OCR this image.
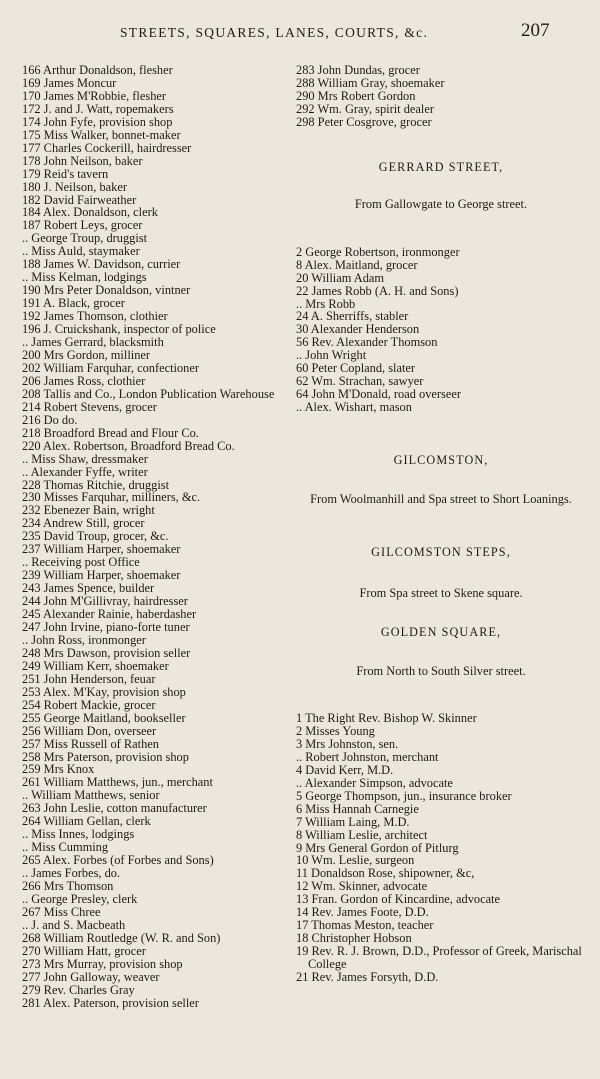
STREETS, SQUARES, LANES, COURTS, &c.	207
166 Arthur Donaldson, flesher
169 James Moncur
170 James M'Robbie, flesher
172 J. and J. Watt, ropemakers
174 John Fyfe, provision shop
175 Miss Walker, bonnet-maker
177 Charles Cockerill, hairdresser
178 John Neilson, baker
179 Reid's tavern
180 J. Neilson, baker
182 David Fairweather
184 Alex. Donaldson, clerk
187 Robert Leys, grocer
.. George Troup, druggist
.. Miss Auld, staymaker
188 James W. Davidson, currier
.. Miss Kelman, lodgings
190 Mrs Peter Donaldson, vintner
191 A. Black, grocer
192 James Thomson, clothier
196 J. Cruickshank, inspector of police
.. James Gerrard, blacksmith
200 Mrs Gordon, milliner
202 William Farquhar, confectioner
206 James Ross, clothier
208 Tallis and Co., London Publication Warehouse
214 Robert Stevens, grocer
216 Do do.
218 Broadford Bread and Flour Co.
220 Alex. Robertson, Broadford Bread Co.
.. Miss Shaw, dressmaker
.. Alexander Fyffe, writer
228 Thomas Ritchie, druggist
230 Misses Farquhar, milliners, &c.
232 Ebenezer Bain, wright
234 Andrew Still, grocer
235 David Troup, grocer, &c.
237 William Harper, shoemaker
.. Receiving post Office
239 William Harper, shoemaker
243 James Spence, builder
244 John M'Gillivray, hairdresser
245 Alexander Rainie, haberdasher
247 John Irvine, piano-forte tuner
.. John Ross, ironmonger
248 Mrs Dawson, provision seller
249 William Kerr, shoemaker
251 John Henderson, feuar
253 Alex. M'Kay, provision shop
254 Robert Mackie, grocer
255 George Maitland, bookseller
256 William Don, overseer
257 Miss Russell of Rathen
258 Mrs Paterson, provision shop
259 Mrs Knox
261 William Matthews, jun., merchant
.. William Matthews, senior
263 John Leslie, cotton manufacturer
264 William Gellan, clerk
.. Miss Innes, lodgings
.. Miss Cumming
265 Alex. Forbes (of Forbes and Sons)
.. James Forbes, do.
266 Mrs Thomson
.. George Presley, clerk
267 Miss Chree
.. J. and S. Macbeath
268 William Routledge (W. R. and Son)
270 William Hatt, grocer
273 Mrs Murray, provision shop
277 John Galloway, weaver
279 Rev. Charles Gray
281 Alex. Paterson, provision seller
283 John Dundas, grocer
288 William Gray, shoemaker
290 Mrs Robert Gordon
292 Wm. Gray, spirit dealer
298 Peter Cosgrove, grocer
GERRARD STREET,
From Gallowgate to George street.
2 George Robertson, ironmonger
8 Alex. Maitland, grocer
20 William Adam
22 James Robb (A. H. and Sons)
.. Mrs Robb
24 A. Sherriffs, stabler
30 Alexander Henderson
56 Rev. Alexander Thomson
.. John Wright
60 Peter Copland, slater
62 Wm. Strachan, sawyer
64 John M'Donald, road overseer
.. Alex. Wishart, mason
GILCOMSTON,
From Woolmanhill and Spa street to Short Loanings.
GILCOMSTON STEPS,
From Spa street to Skene square.
GOLDEN SQUARE,
From North to South Silver street.
1 The Right Rev. Bishop W. Skinner
2 Misses Young
3 Mrs Johnston, sen.
.. Robert Johnston, merchant
4 David Kerr, M.D.
.. Alexander Simpson, advocate
5 George Thompson, jun., insurance broker
6 Miss Hannah Carnegie
7 William Laing, M.D.
8 William Leslie, architect
9 Mrs General Gordon of Pitlurg
10 Wm. Leslie, surgeon
11 Donaldson Rose, shipowner, &c,
12 Wm. Skinner, advocate
13 Fran. Gordon of Kincardine, advocate
14 Rev. James Foote, D.D.
17 Thomas Meston, teacher
18 Christopher Hobson
19 Rev. R. J. Brown, D.D., Professor of Greek, Marischal College
21 Rev. James Forsyth, D.D.
